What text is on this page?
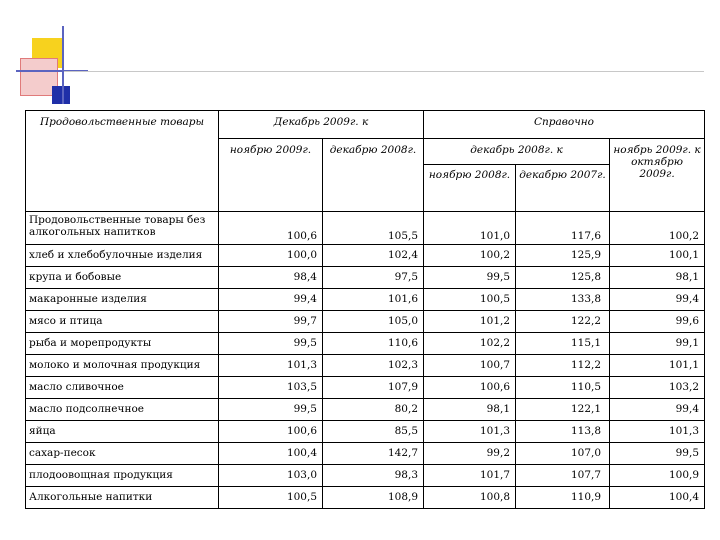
Продовольственные товары	Декабрь 2009г. к		Справочно		
	ноябрю 2009г.	декабрю 2008г.	декабрь 2008г. к		ноябрь 2009г. к октябрю 2009г.
			ноябрю 2008г.	декабрю 2007г.	
Продовольственные товары без алкогольных напитков	100,6	105,5	101,0	117,6	100,2
хлеб и хлебобулочные изделия	100,0	102,4	100,2	125,9	100,1
крупа и бобовые	98,4	97,5	99,5	125,8	98,1
макаронные изделия	99,4	101,6	100,5	133,8	99,4
мясо и птица	99,7	105,0	101,2	122,2	99,6
рыба и морепродукты	99,5	110,6	102,2	115,1	99,1
молоко и молочная продукция	101,3	102,3	100,7	112,2	101,1
масло сливочное	103,5	107,9	100,6	110,5	103,2
масло подсолнечное	99,5	80,2	98,1	122,1	99,4
яйца	100,6	85,5	101,3	113,8	101,3
сахар-песок	100,4	142,7	99,2	107,0	99,5
плодоовощная продукция	103,0	98,3	101,7	107,7	100,9
Алкогольные напитки	100,5	108,9	100,8	110,9	100,4
